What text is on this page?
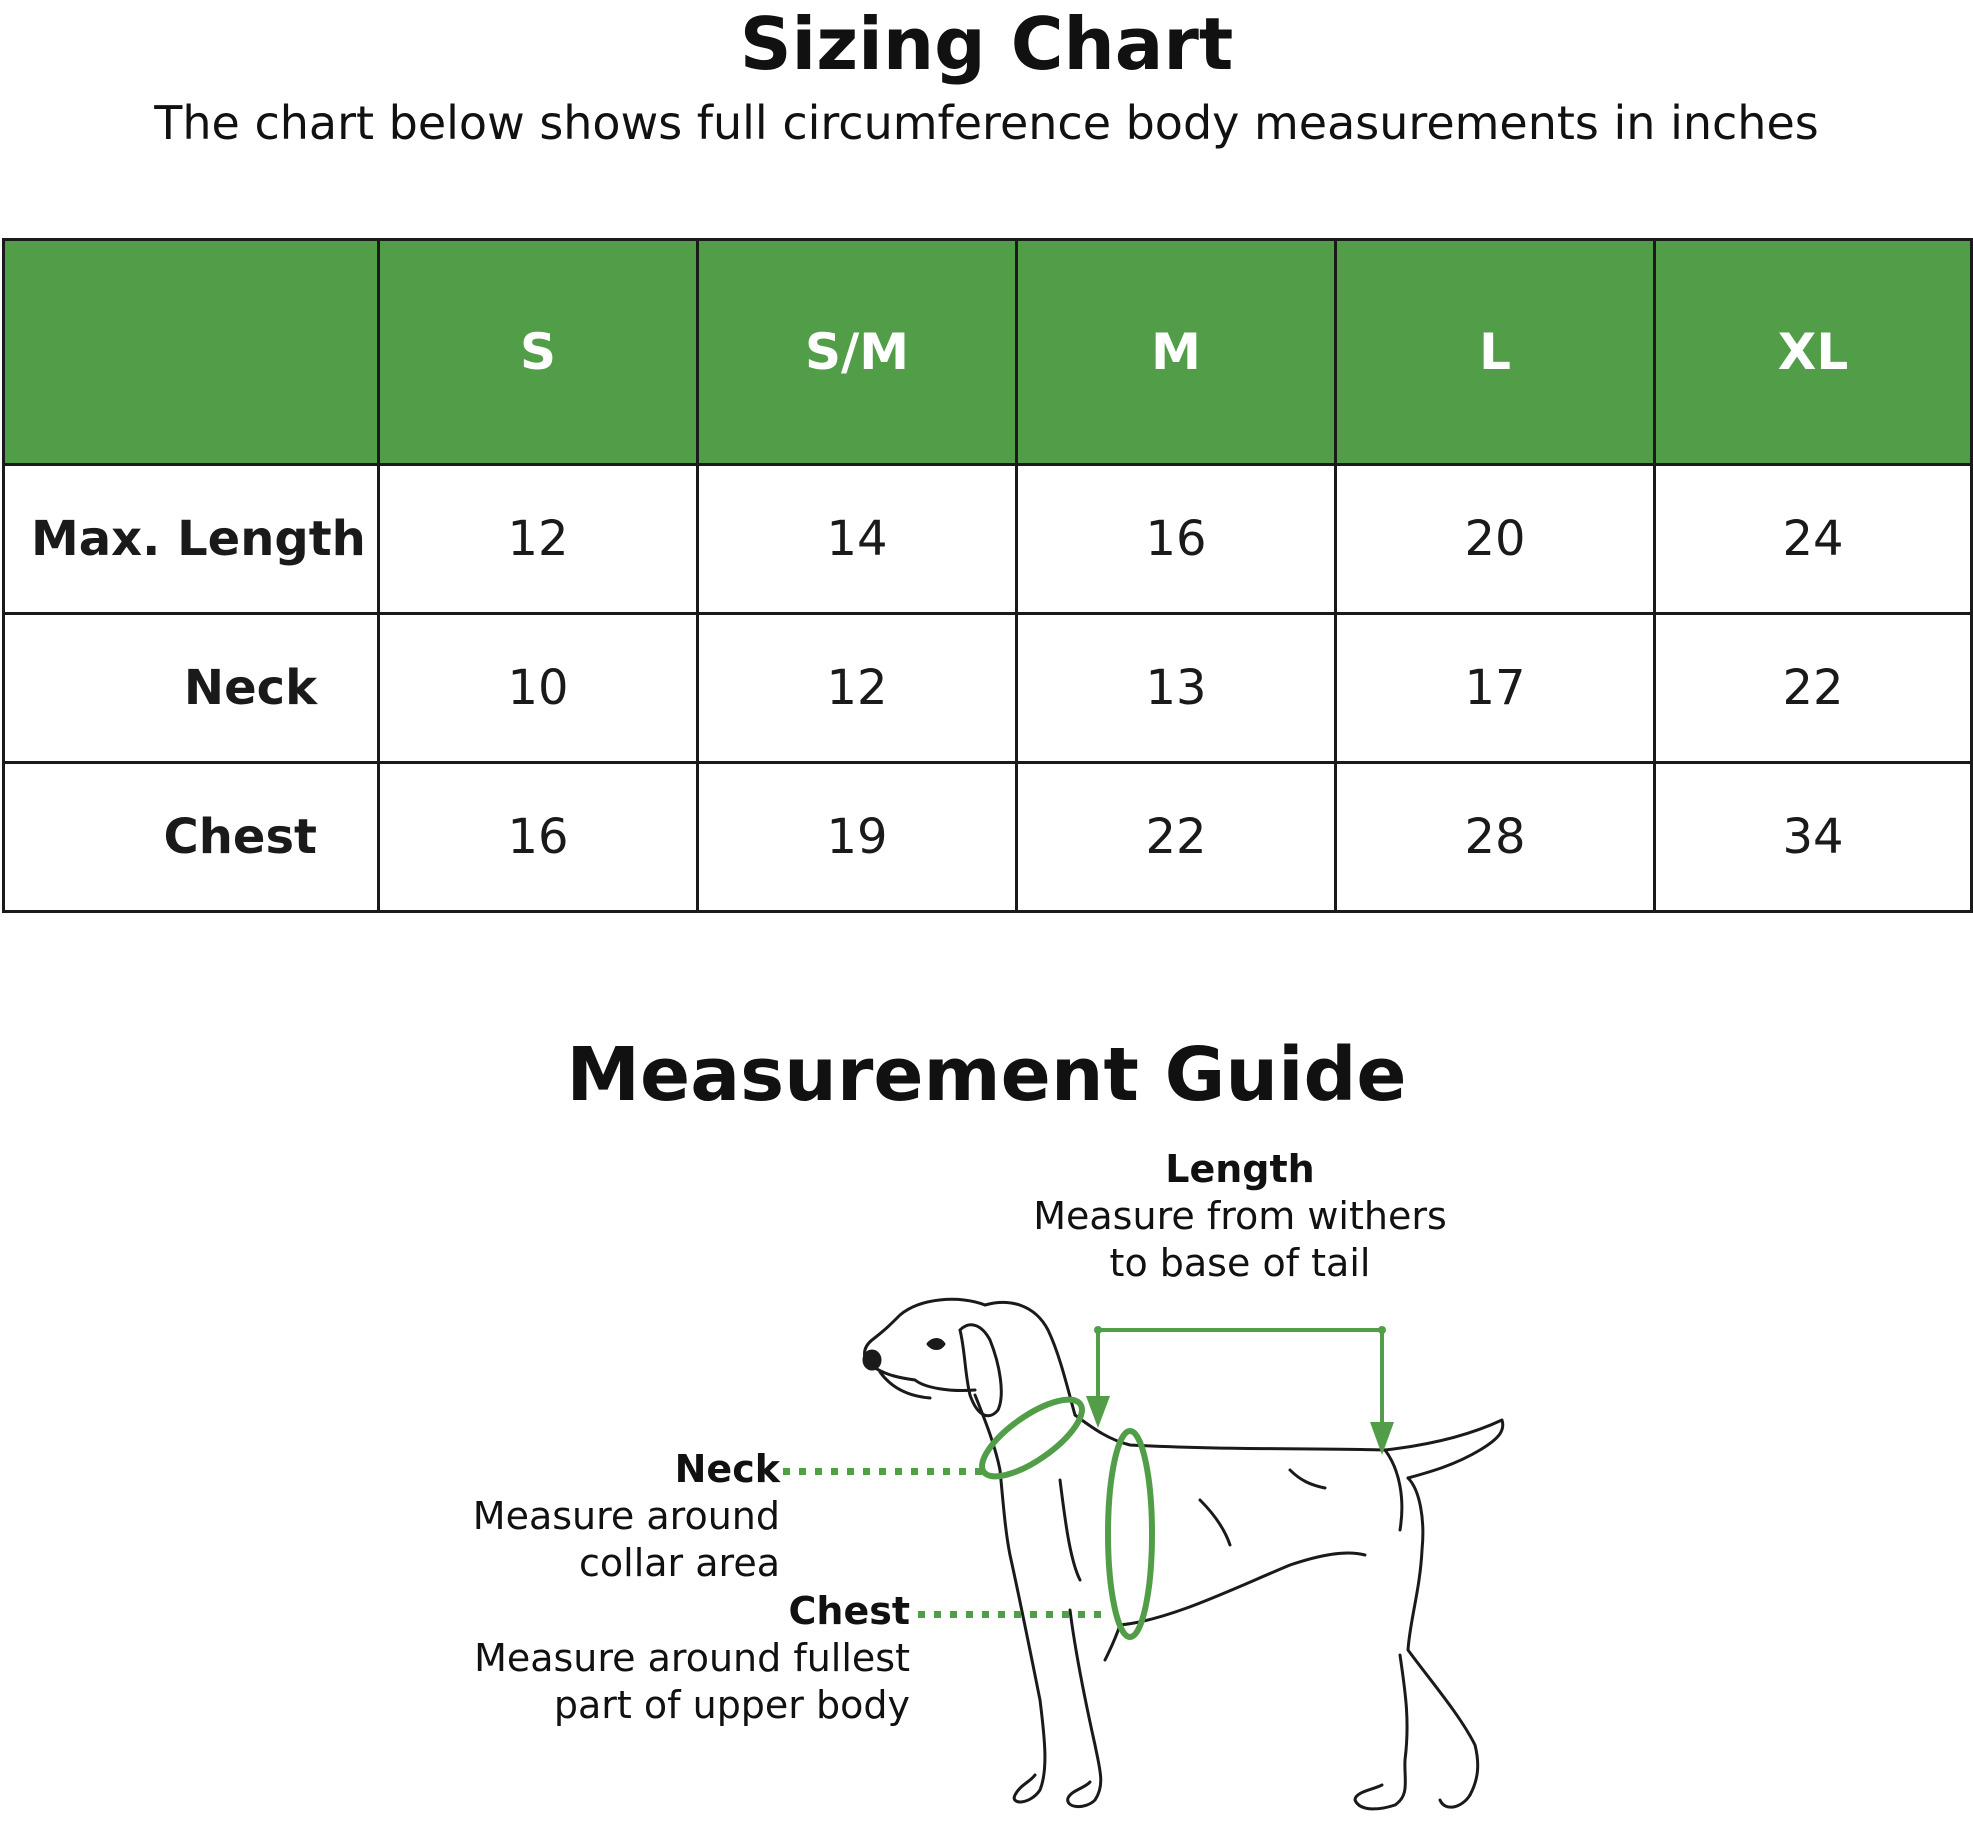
Sizing Chart

The chart below shows full circumference body measurements in inches

	S	S/M	M	L	XL
Max. Length	12	14	16	20	24
Neck	10	12	13	17	22
Chest	16	19	22	28	34
Measurement Guide
Length
Measure from withers
to base of tail
Neck
Measure around
collar area
Chest
Measure around fullest
part of upper body
